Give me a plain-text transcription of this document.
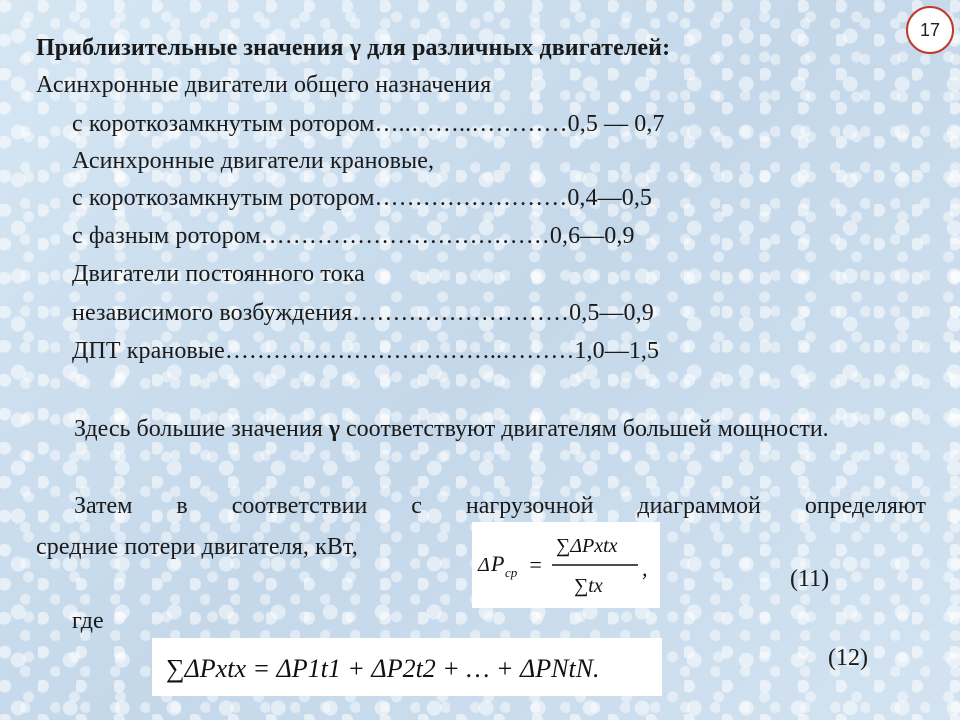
17
Приблизительные значения γ для различных двигателей:
Асинхронные двигатели общего назначения
с короткозамкнутым ротором…..……..…………0,5 — 0,7
Асинхронные двигатели крановые,
с короткозамкнутым ротором……………………0,4—0,5
с фазным ротором………………………………0,6—0,9
Двигатели постоянного тока
независимого возбуждения………………………0,5—0,9
ДПТ крановые……………………………..………1,0—1,5
Здесь большие значения γ соответствуют двигателям большей мощности.
Затем в соответствии с нагрузочной диаграммой определяют
средние потери двигателя, кВт,
Δ P ср =
∑ΔPxtx
∑tx
,	(11)
где
∑ΔPxtx = ΔP1t1 + ΔP2t2 + … + ΔPNtN.	(12)
